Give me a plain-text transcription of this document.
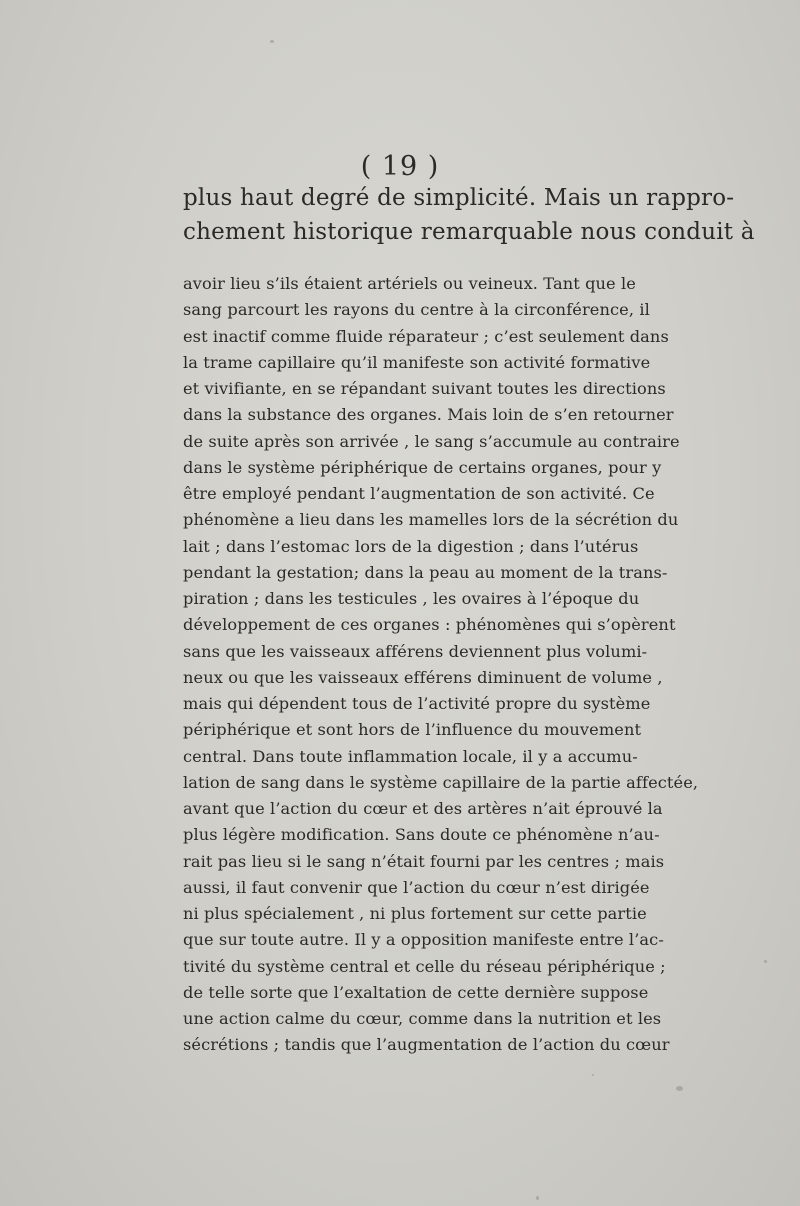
( 19 )
plus haut degré de simplicité. Mais un rappro-
chement historique remarquable nous conduit à
avoir lieu s’ils étaient artériels ou veineux. Tant que le
sang parcourt les rayons du centre à la circonférence, il
est inactif comme fluide réparateur ; c’est seulement dans
la trame capillaire qu’il manifeste son activité formative
et vivifiante, en se répandant suivant toutes les directions
dans la substance des organes. Mais loin de s’en retourner
de suite après son arrivée , le sang s’accumule au contraire
dans le système périphérique de certains organes, pour y
être employé pendant l’augmentation de son activité. Ce
phénomène a lieu dans les mamelles lors de la sécrétion du
lait ; dans l’estomac lors de la digestion ; dans l’utérus
pendant la gestation; dans la peau au moment de la trans-
piration ; dans les testicules , les ovaires à l’époque du
développement de ces organes : phénomènes qui s’opèrent
sans que les vaisseaux afférens deviennent plus volumi-
neux ou que les vaisseaux efférens diminuent de volume ,
mais qui dépendent tous de l’activité propre du système
périphérique et sont hors de l’influence du mouvement
central. Dans toute inflammation locale, il y a accumu-
lation de sang dans le système capillaire de la partie affectée,
avant que l’action du cœur et des artères n’ait éprouvé la
plus légère modification. Sans doute ce phénomène n’au-
rait pas lieu si le sang n’était fourni par les centres ; mais
aussi, il faut convenir que l’action du cœur n’est dirigée
ni plus spécialement , ni plus fortement sur cette partie
que sur toute autre. Il y a opposition manifeste entre l’ac-
tivité du système central et celle du réseau périphérique ;
de telle sorte que l’exaltation de cette dernière suppose
une action calme du cœur, comme dans la nutrition et les
sécrétions ; tandis que l’augmentation de l’action du cœur
